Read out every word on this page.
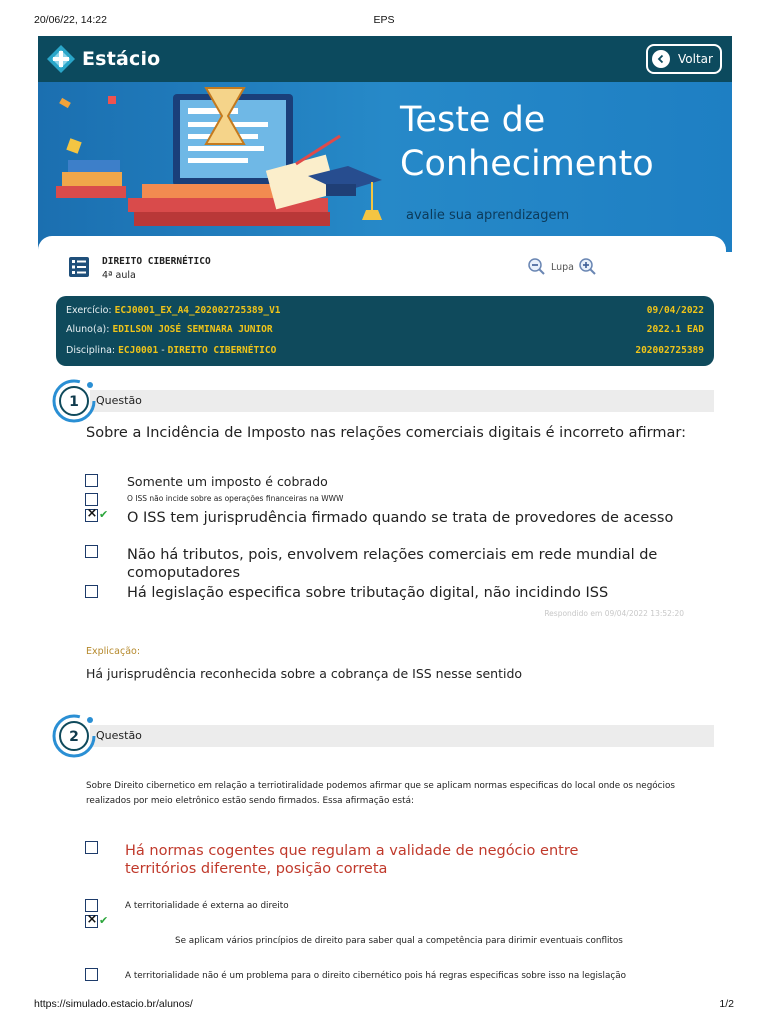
20/06/22, 14:22	EPS
https://simulado.estacio.br/alunos/	1/2
Estácio	Voltar
Teste de
Conhecimento
avalie sua aprendizagem
DIREITO CIBERNÉTICO
4ª aula
Lupa
Exercício: ECJ0001_EX_A4_202002725389_V1	09/04/2022
Aluno(a): EDILSON JOSÉ SEMINARA JUNIOR	2022.1 EAD
Disciplina: ECJ0001 - DIREITO CIBERNÉTICO	202002725389
Questão
1
Sobre a Incidência de Imposto nas relações comerciais digitais é incorreto afirmar:
Somente um imposto é cobrado
O ISS não incide sobre as operações financeiras na WWW
×
✔ O ISS tem jurisprudência firmado quando se trata de provedores de acesso
Não há tributos, pois, envolvem relações comerciais em rede mundial de comoputadores
Há legislação especifica sobre tributação digital, não incidindo ISS
Respondido em 09/04/2022 13:52:20
Explicação:
Há jurisprudência reconhecida sobre a cobrança de ISS nesse sentido
Questão
2
Sobre Direito cibernetico em relação a terriotiralidade podemos afirmar que se aplicam normas especificas do local onde os negócios realizados por meio eletrônico estão sendo firmados. Essa afirmação está:
Há normas cogentes que regulam a validade de negócio entre territórios diferente, posição correta
A territorialidade é externa ao direito
×
✔
Se aplicam vários princípios de direito para saber qual a competência para dirimir eventuais conflitos
A territorialidade não é um problema para o direito cibernético pois há regras especificas sobre isso na legislação
